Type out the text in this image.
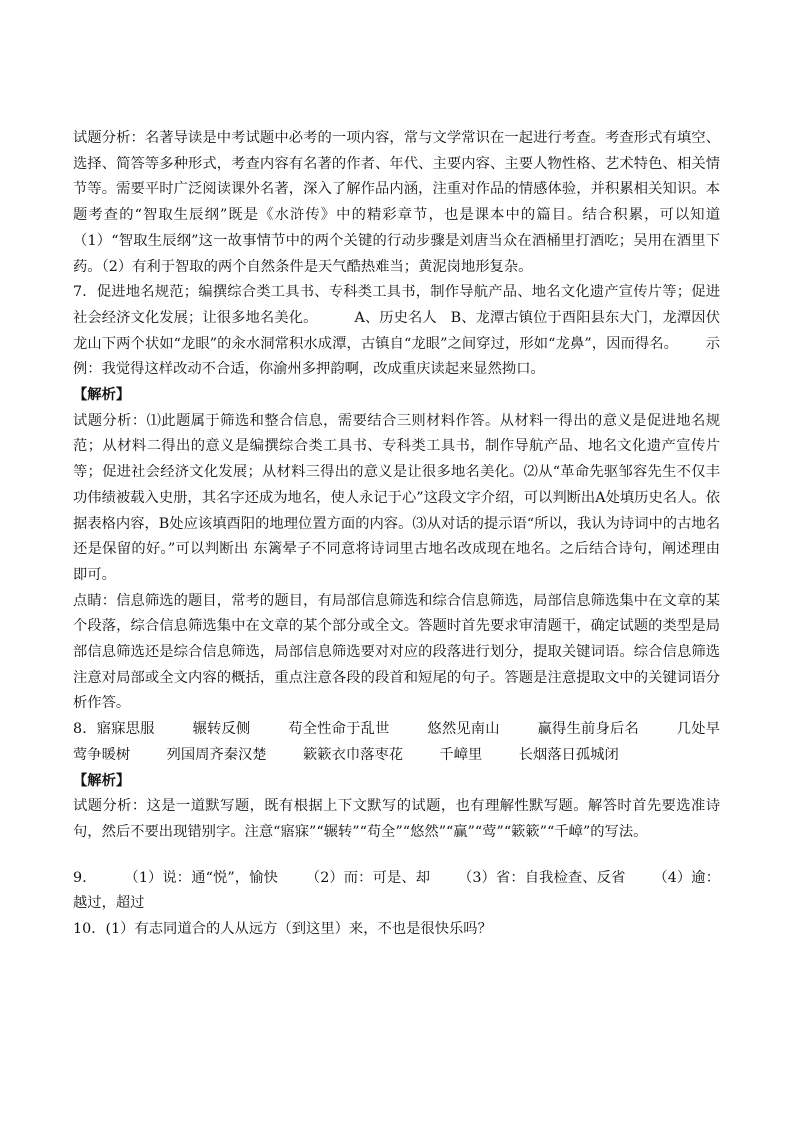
试题分析：名著导读是中考试题中必考的一项内容，常与文学常识在一起进行考查。考查形式有填空、选择、简答等多种形式，考查内容有名著的作者、年代、主要内容、主要人物性格、艺术特色、相关情节等。需要平时广泛阅读课外名著，深入了解作品内涵，注重对作品的情感体验，并积累相关知识。本题考查的“智取生辰纲”既是《水浒传》中的精彩章节，也是课本中的篇目。结合积累，可以知道（1）“智取生辰纲”这一故事情节中的两个关键的行动步骤是刘唐当众在酒桶里打酒吃；吴用在酒里下药。（2）有利于智取的两个自然条件是天气酷热难当；黄泥岗地形复杂。

7．促进地名规范；编撰综合类工具书、专科类工具书，制作导航产品、地名文化遗产宣传片等；促进社会经济文化发展；让很多地名美化。        A、历史名人   B、龙潭古镇位于酉阳县东大门，龙潭因伏龙山下两个状如“龙眼”的汆水洞常积水成潭，古镇自“龙眼”之间穿过，形如“龙鼻”，因而得名。      示例：我觉得这样改动不合适，你渝州多押韵啊，改成重庆读起来显然拗口。

【解析】

试题分析：⑴此题属于筛选和整合信息，需要结合三则材料作答。从材料一得出的意义是促进地名规范；从材料二得出的意义是编撰综合类工具书、专科类工具书，制作导航产品、地名文化遗产宣传片等；促进社会经济文化发展；从材料三得出的意义是让很多地名美化。⑵从“革命先驱邹容先生不仅丰功伟绩被载入史册，其名字还成为地名，使人永记于心”这段文字介绍，可以判断出A处填历史名人。依据表格内容，B处应该填酉阳的地理位置方面的内容。⑶从对话的提示语“所以，我认为诗词中的古地名还是保留的好。”可以判断出 东篱晕子不同意将诗词里古地名改成现在地名。之后结合诗句，阐述理由即可。

点睛：信息筛选的题目，常考的题目，有局部信息筛选和综合信息筛选，局部信息筛选集中在文章的某个段落，综合信息筛选集中在文章的某个部分或全文。答题时首先要求审清题干，确定试题的类型是局部信息筛选还是综合信息筛选，局部信息筛选要对对应的段落进行划分，提取关键词语。综合信息筛选注意对局部或全文内容的概括，重点注意各段的段首和短尾的句子。答题是注意提取文中的关键词语分析作答。

8．寤寐思服        辗转反侧        苟全性命于乱世        悠然见南山        赢得生前身后名        几处早莺争暖树        列国周齐秦汉楚        簌簌衣巾落枣花        千嶂里        长烟落日孤城闭

【解析】

试题分析：这是一道默写题，既有根据上下文默写的试题，也有理解性默写题。解答时首先要选准诗句，然后不要出现错别字。注意“寤寐”“辗转”“苟全”“悠然”“赢”“莺”“簌簌”“千嶂”的写法。

9．      （1）说：通“悦”，愉快      （2）而：可是、却      （3）省：自我检查、反省      （4）逾：越过，超过

10．(1）有志同道合的人从远方（到这里）来，不也是很快乐吗？
